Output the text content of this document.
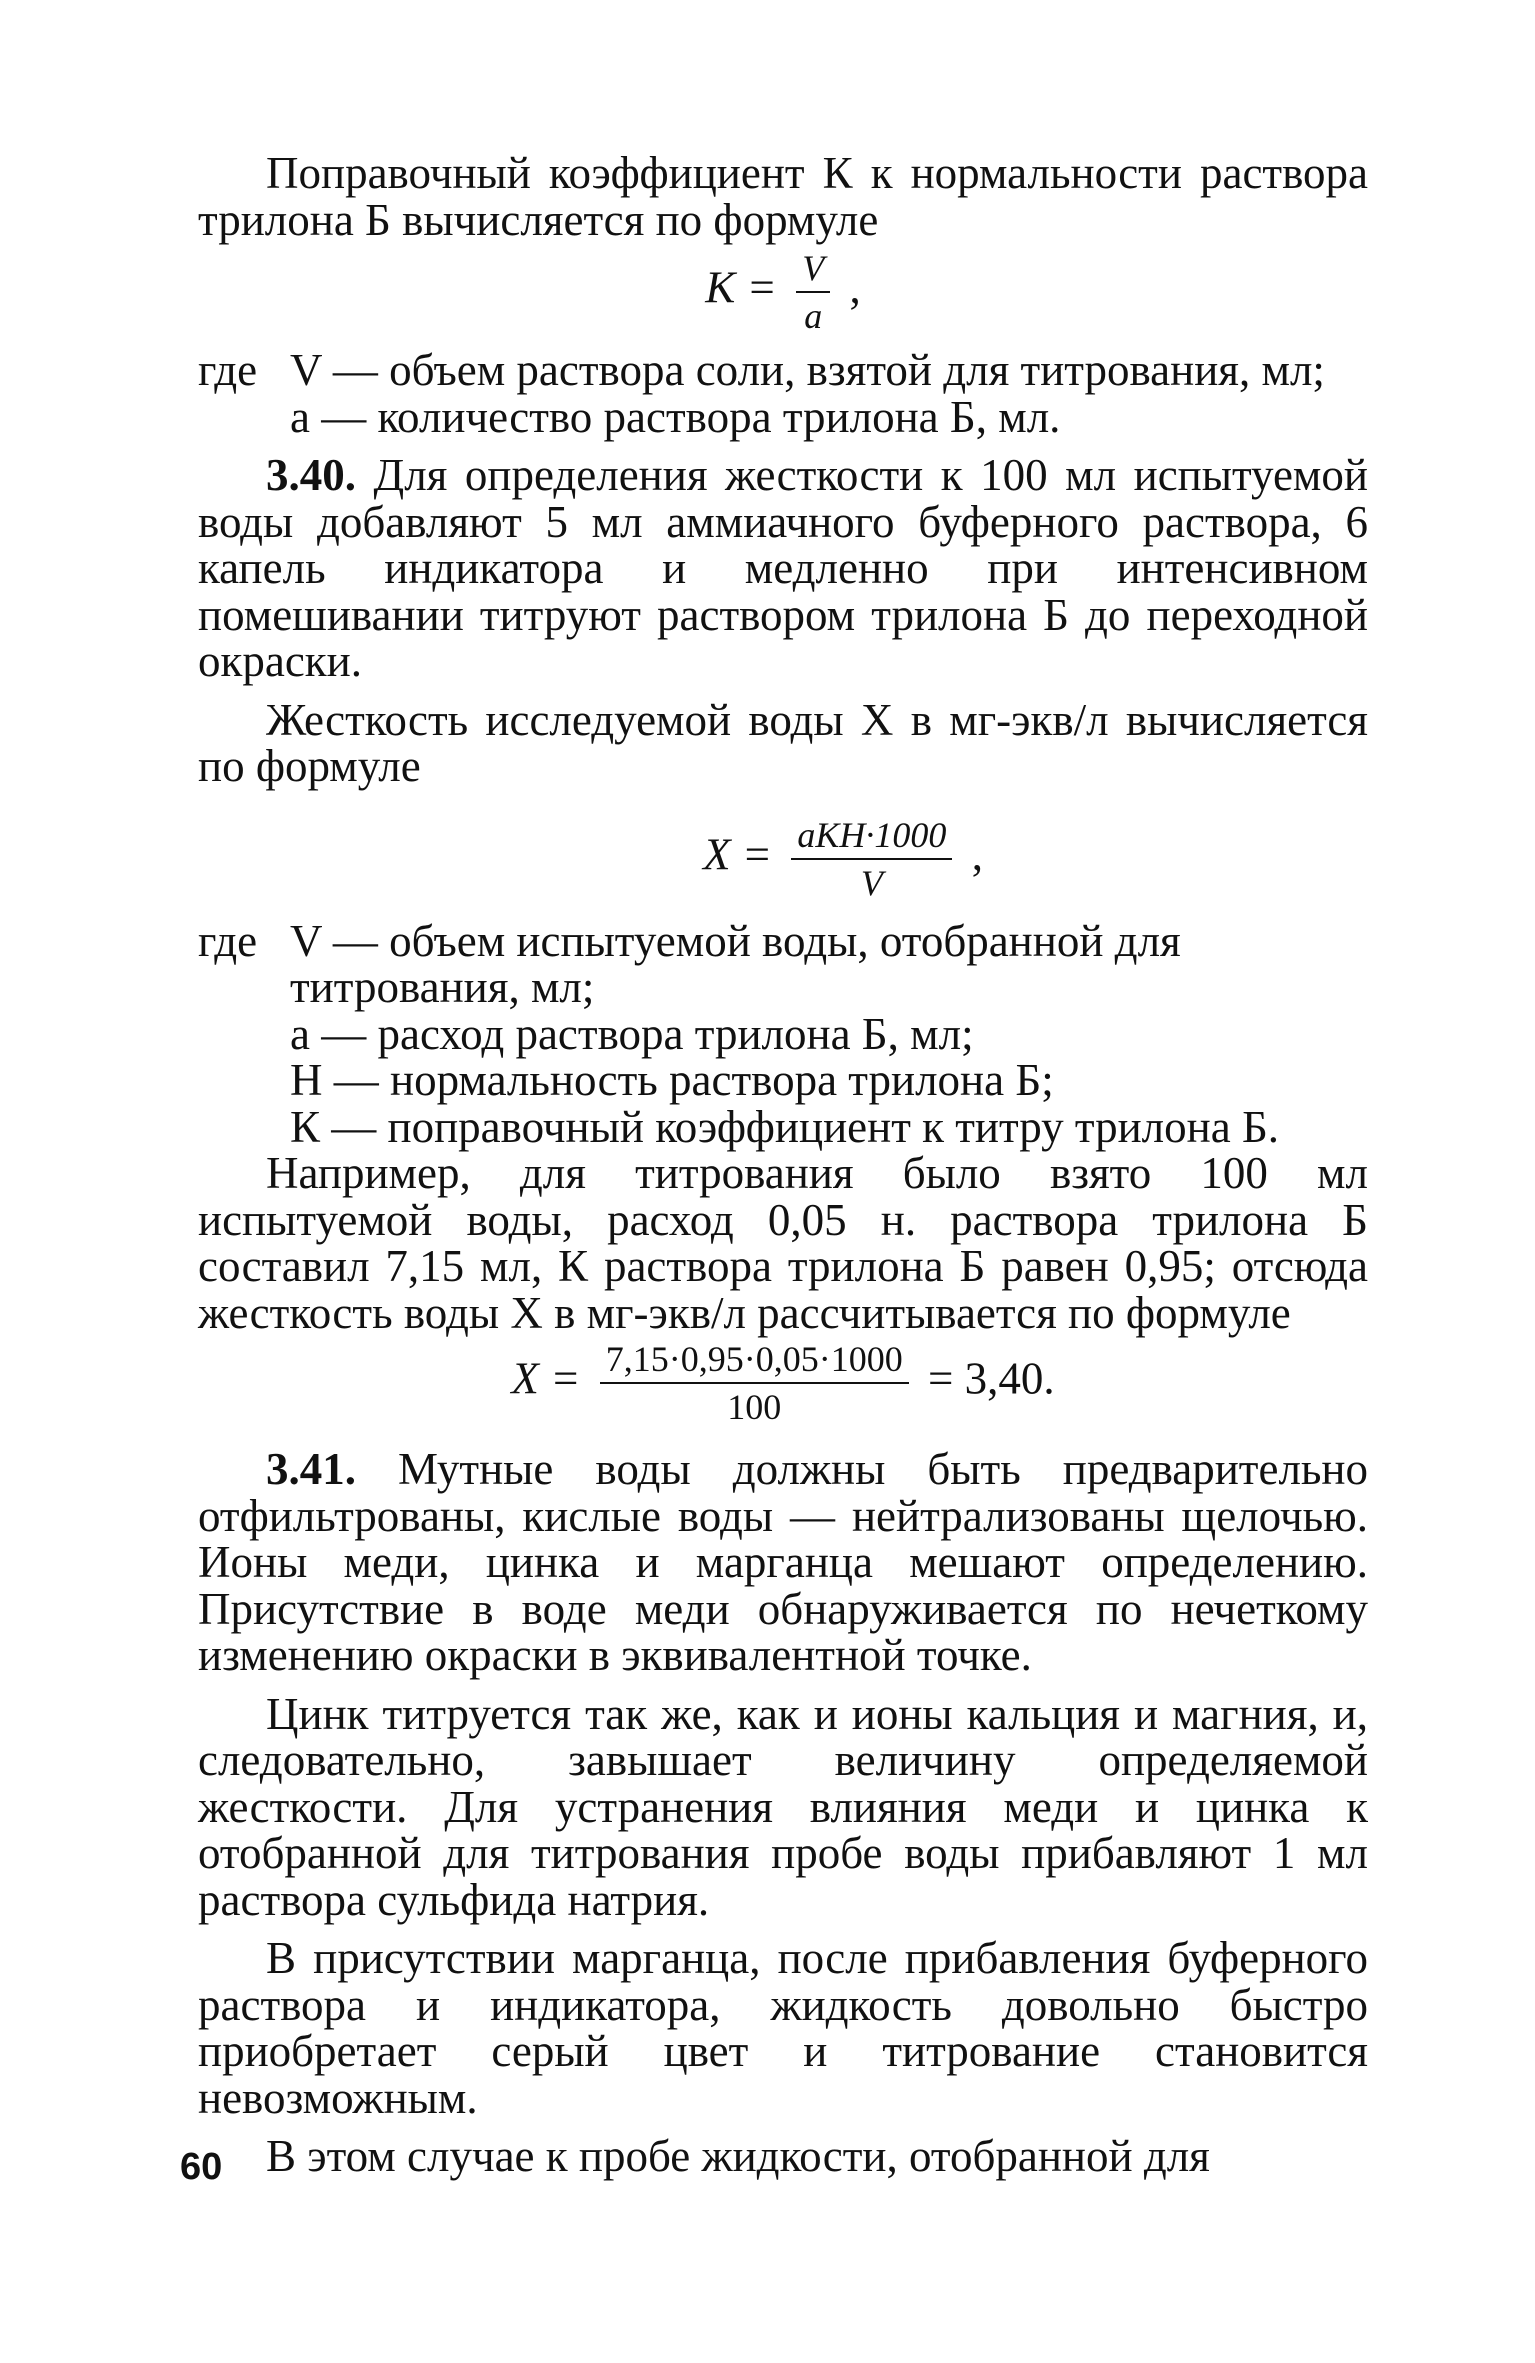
Поправочный коэффициент К к нормальности раствора трилона Б вычисляется по формуле

$K = \frac{V}{a}$ ,
где V — объем раствора соли, взятой для титрования, мл;
а — количество раствора трилона Б, мл.

3.40. Для определения жесткости к 100 мл испытуемой воды добавляют 5 мл аммиачного буферного раствора, 6 капель индикатора и медленно при интенсивном помешивании титруют раствором трилона Б до переходной окраски.

Жесткость исследуемой воды X в мг-экв/л вычисляется по формуле

$X = \frac{\text{aKH·1000}}{V}$ ,
где V — объем испытуемой воды, отобранной для титрования, мл;
а — расход раствора трилона Б, мл;
Н — нормальность раствора трилона Б;
К — поправочный коэффициент к титру трилона Б.

Например, для титрования было взято 100 мл испытуемой воды, расход 0,05 н. раствора трилона Б составил 7,15 мл, К раствора трилона Б равен 0,95; отсюда жесткость воды X в мг-экв/л рассчитывается по формуле

$X = \frac{7,15\cdot 0,95\cdot 0,05\cdot 1000}{100} = 3,40$.

3.41. Мутные воды должны быть предварительно отфильтрованы, кислые воды — нейтрализованы щелочью. Ионы меди, цинка и марганца мешают определению. Присутствие в воде меди обнаруживается по нечеткому изменению окраски в эквивалентной точке.

Цинк титруется так же, как и ионы кальция и магния, и, следовательно, завышает величину определяемой жесткости. Для устранения влияния меди и цинка к отобранной для титрования пробе воды прибавляют 1 мл раствора сульфида натрия.

В присутствии марганца, после прибавления буферного раствора и индикатора, жидкость довольно быстро приобретает серый цвет и титрование становится невозможным.

В этом случае к пробе жидкости, отобранной для

60
